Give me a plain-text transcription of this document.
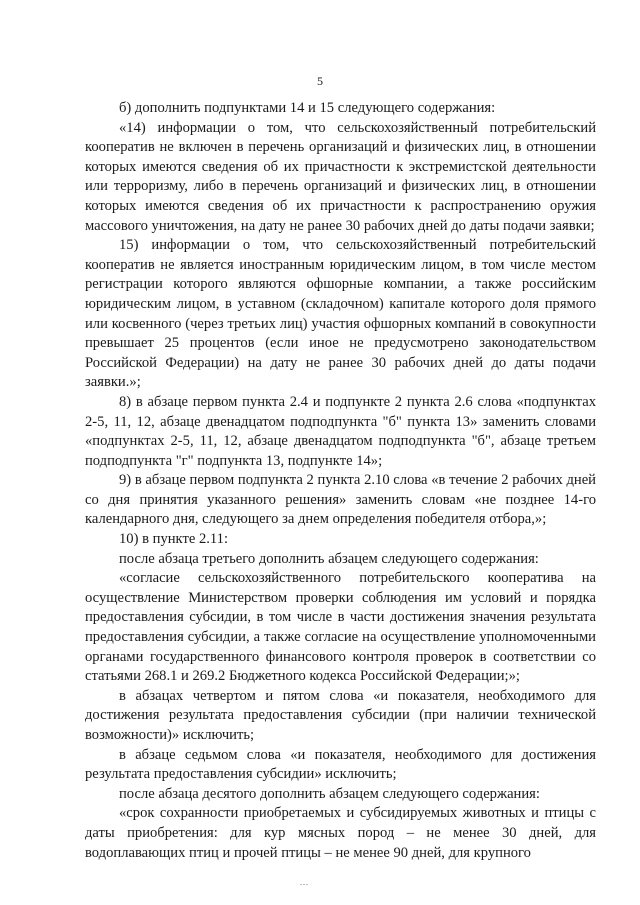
5

б) дополнить подпунктами 14 и 15 следующего содержания:

«14) информации о том, что сельскохозяйственный потребительский кооператив не включен в перечень организаций и физических лиц, в отношении которых имеются сведения об их причастности к экстремистской деятельности или терроризму, либо в перечень организаций и физических лиц, в отношении которых имеются сведения об их причастности к распространению оружия массового уничтожения, на дату не ранее 30 рабочих дней до даты подачи заявки;

15) информации о том, что сельскохозяйственный потребительский кооператив не является иностранным юридическим лицом, в том числе местом регистрации которого являются офшорные компании, а также российским юридическим лицом, в уставном (складочном) капитале которого доля прямого или косвенного (через третьих лиц) участия офшорных компаний в совокупности превышает 25 процентов (если иное не предусмотрено законодательством Российской Федерации) на дату не ранее 30 рабочих дней до даты подачи заявки.»;

8) в абзаце первом пункта 2.4 и подпункте 2 пункта 2.6 слова «подпунктах 2-5, 11, 12, абзаце двенадцатом подподпункта "б" пункта 13» заменить словами «подпунктах 2-5, 11, 12, абзаце двенадцатом подподпункта "б", абзаце третьем подподпункта "г" подпункта 13, подпункте 14»;

9) в абзаце первом подпункта 2 пункта 2.10 слова «в течение 2 рабочих дней со дня принятия указанного решения» заменить словам «не позднее 14-го календарного дня, следующего за днем определения победителя отбора,»;

10) в пункте 2.11:

после абзаца третьего дополнить абзацем следующего содержания:

«согласие сельскохозяйственного потребительского кооператива на осуществление Министерством проверки соблюдения им условий и порядка предоставления субсидии, в том числе в части достижения значения результата предоставления субсидии, а также согласие на осуществление уполномоченными органами государственного финансового контроля проверок в соответствии со статьями 268.1 и 269.2 Бюджетного кодекса Российской Федерации;»;

в абзацах четвертом и пятом слова «и показателя, необходимого для достижения результата предоставления субсидии (при наличии технической возможности)» исключить;

в абзаце седьмом слова «и показателя, необходимого для достижения результата предоставления субсидии» исключить;

после абзаца десятого дополнить абзацем следующего содержания:

«срок сохранности приобретаемых и субсидируемых животных и птицы с даты приобретения: для кур мясных пород – не менее 30 дней, для водоплавающих птиц и прочей птицы – не менее 90 дней, для крупного

...
